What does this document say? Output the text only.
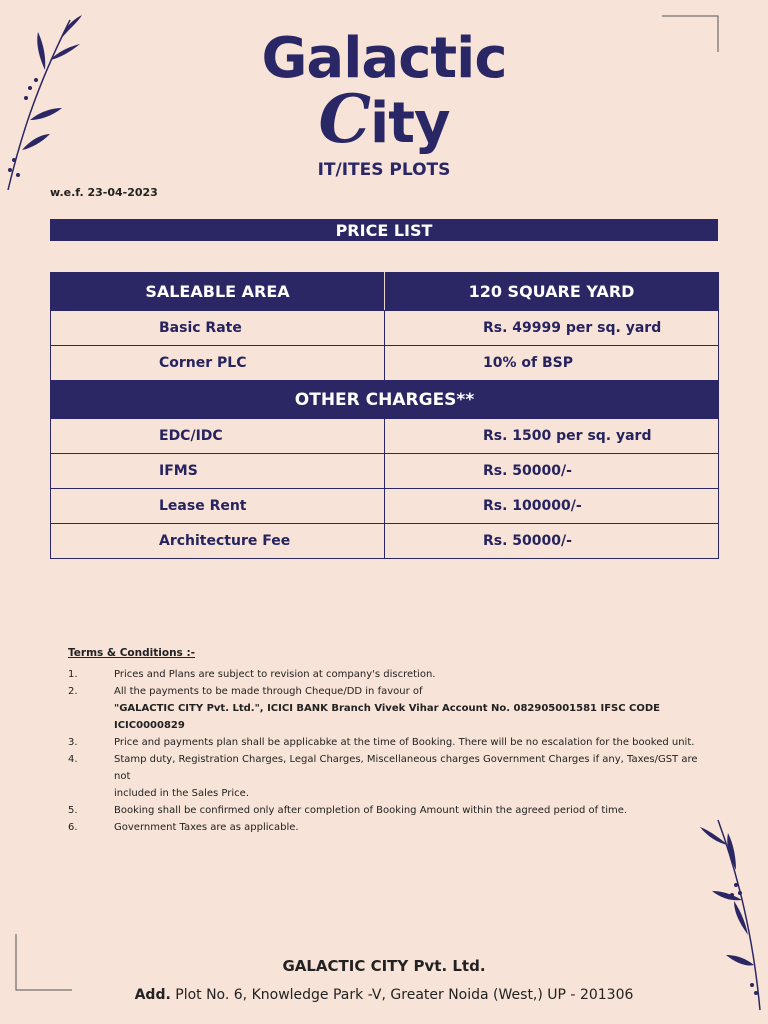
Galactic
City
IT/ITES PLOTS
w.e.f. 23-04-2023
PRICE LIST
SALEABLE AREA	120 SQUARE YARD
Basic Rate	Rs. 49999 per sq. yard
Corner PLC	10% of BSP
OTHER CHARGES**	
EDC/IDC	Rs. 1500 per sq. yard
IFMS	Rs. 50000/-
Lease Rent	Rs. 100000/-
Architecture Fee	Rs. 50000/-
Terms & Conditions :-
1.	Prices and Plans are subject to revision at company's discretion.
2.	All the payments to be made through Cheque/DD in favour of
"GALACTIC CITY Pvt. Ltd.", ICICI BANK Branch Vivek Vihar Account No. 082905001581 IFSC CODE ICIC0000829
3.	Price and payments plan shall be applicabke at the time of Booking. There will be no escalation for the booked unit.
4.	Stamp duty, Registration Charges, Legal Charges, Miscellaneous charges Government Charges if any, Taxes/GST are not
included in the Sales Price.
5.	Booking shall be confirmed only after completion of Booking Amount within the agreed period of time.
6.	Government Taxes are as applicable.
GALACTIC CITY Pvt. Ltd.
Add. Plot No. 6, Knowledge Park -V, Greater Noida (West,) UP - 201306
